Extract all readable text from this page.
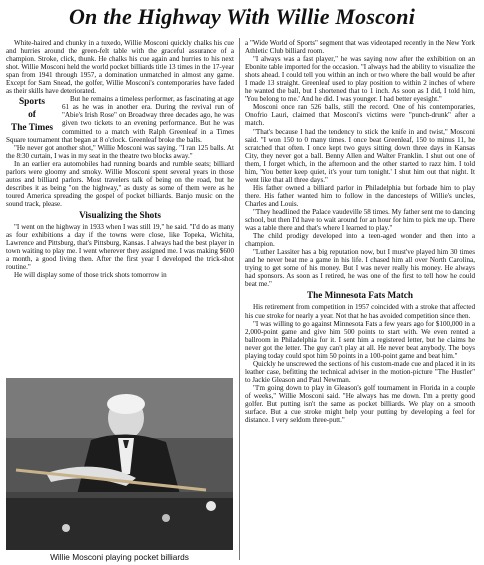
On the Highway With Willie Mosconi

White-haired and chunky in a tuxedo, Willie Mosconi quickly chalks his cue and hurries around the green-felt table with the graceful assurance of a champion. Stroke, click, thunk. He chalks his cue again and hurries to his next shot. Willie Mosconi held the world pocket billiards title 13 times in the 17-year span from 1941 through 1957, a domination unmatched in almost any game. Except for Sam Snead, the golfer, Willie Mosconi's contemporaries have faded as their skills have deteriorated.

Sports
of
The Times

But he remains a timeless performer, as fascinating at age 61 as he was in another era. During the revival run of "Abie's Irish Rose" on Broadway three decades ago, he was given two tickets to an evening performance. But he was committed to a match with Ralph Greenleaf in a Times Square tournament that began at 8 o'clock. Greenleaf broke the balls.

"He never got another shot," Willie Mosconi was saying. "I ran 125 balls. At the 8:30 curtain, I was in my seat in the theatre two blocks away."

In an earlier era automobiles had running boards and rumble seats; billiard parlors were gloomy and smoky. Willie Mosconi spent several years in those autos and billiard parlors. Most travelers talk of being on the road, but he describes it as being "on the highway," as dusty as some of them were as he toured America spreading the gospel of pocket billiards. Banjo music on the sound track, please.

Visualizing the Shots

"I went on the highway in 1933 when I was still 19," he said. "I'd do as many as four exhibitions a day if the towns were close, like Topeka, Wichita, Lawrence and Pittsburg, that's Pittsburg, Kansas. I always had the best player in town waiting to play me. I went wherever they assigned me. I was making $600 a month, a good living then. After the first year I developed the trick-shot routine."

He will display some of those trick shots tomorrow in

Willie Mosconi playing pocket billiards

a "Wide World of Sports" segment that was videotaped recently in the New York Athletic Club billiard room.

"I always was a fast player," he was saying now after the exhibition on an Ebonite table imported for the occasion. "I always had the ability to visualize the shots ahead. I could tell you within an inch or two where the ball would be after I made 13 straight. Greenleaf used to play position to within 2 inches of where he wanted the ball, but I shortened that to 1 inch. As soon as I did, I told him, 'You belong to me.' And he did. I was younger. I had better eyesight."

Mosconi once ran 526 balls, still the record. One of his contemporaries, Onofrio Lauri, claimed that Mosconi's victims were "punch-drunk" after a match.

"That's because I had the tendency to stick the knife in and twist," Mosconi said. "I won 150 to 0 many times. I once beat Greenleaf, 150 to minus 11, he scratched that often. I once kept two guys sitting down three days in Kansas City, they never got a ball. Benny Allen and Walter Franklin. I shut out one of them, I forget which, in the afternoon and the other started to razz him. I told him, 'You better keep quiet, it's your turn tonight.' I shut him out that night. It went like that all three days."

His father owned a billiard parlor in Philadelphia but forbade him to play there. His father wanted him to follow in the dancesteps of Willie's uncles, Charles and Louis.

"They headlined the Palace vaudeville 58 times. My father sent me to dancing school, but then I'd have to wait around for an hour for him to pick me up. There was a table there and that's where I learned to play."

The child prodigy developed into a teen-aged wonder and then into a champion.

"Luther Lassiter has a big reputation now, but I must've played him 30 times and he never beat me a game in his life. I chased him all over North Carolina, trying to get some of his money. But I was never really his money. He always had sponsors. As soon as I retired, he was one of the first to tell how he could beat me."

The Minnesota Fats Match

His retirement from competition in 1957 coincided with a stroke that affected his cue stroke for nearly a year. Not that he has avoided competition since then.

"I was willing to go against Minnesota Fats a few years ago for $100,000 in a 2,000-point game and give him 500 points to start with. We even rented a ballroom in Philadelphia for it. I sent him a registered letter, but he claims he never got the letter. The guy can't play at all. He never beat anybody. The boys playing today could spot him 50 points in a 100-point game and beat him."

Quickly he unscrewed the sections of his custom-made cue and placed it in its leather case, befitting the technical adviser in the motion-picture "The Hustler" to Jackie Gleason and Paul Newman.

"I'm going down to play in Gleason's golf tournament in Florida in a couple of weeks," Willie Mosconi said. "He always has me down. I'm a pretty good golfer. But putting isn't the same as pocket billiards. We play on a smooth surface. But a cue stroke might help your putting by developing a feel for distance. I very seldom three-putt."
